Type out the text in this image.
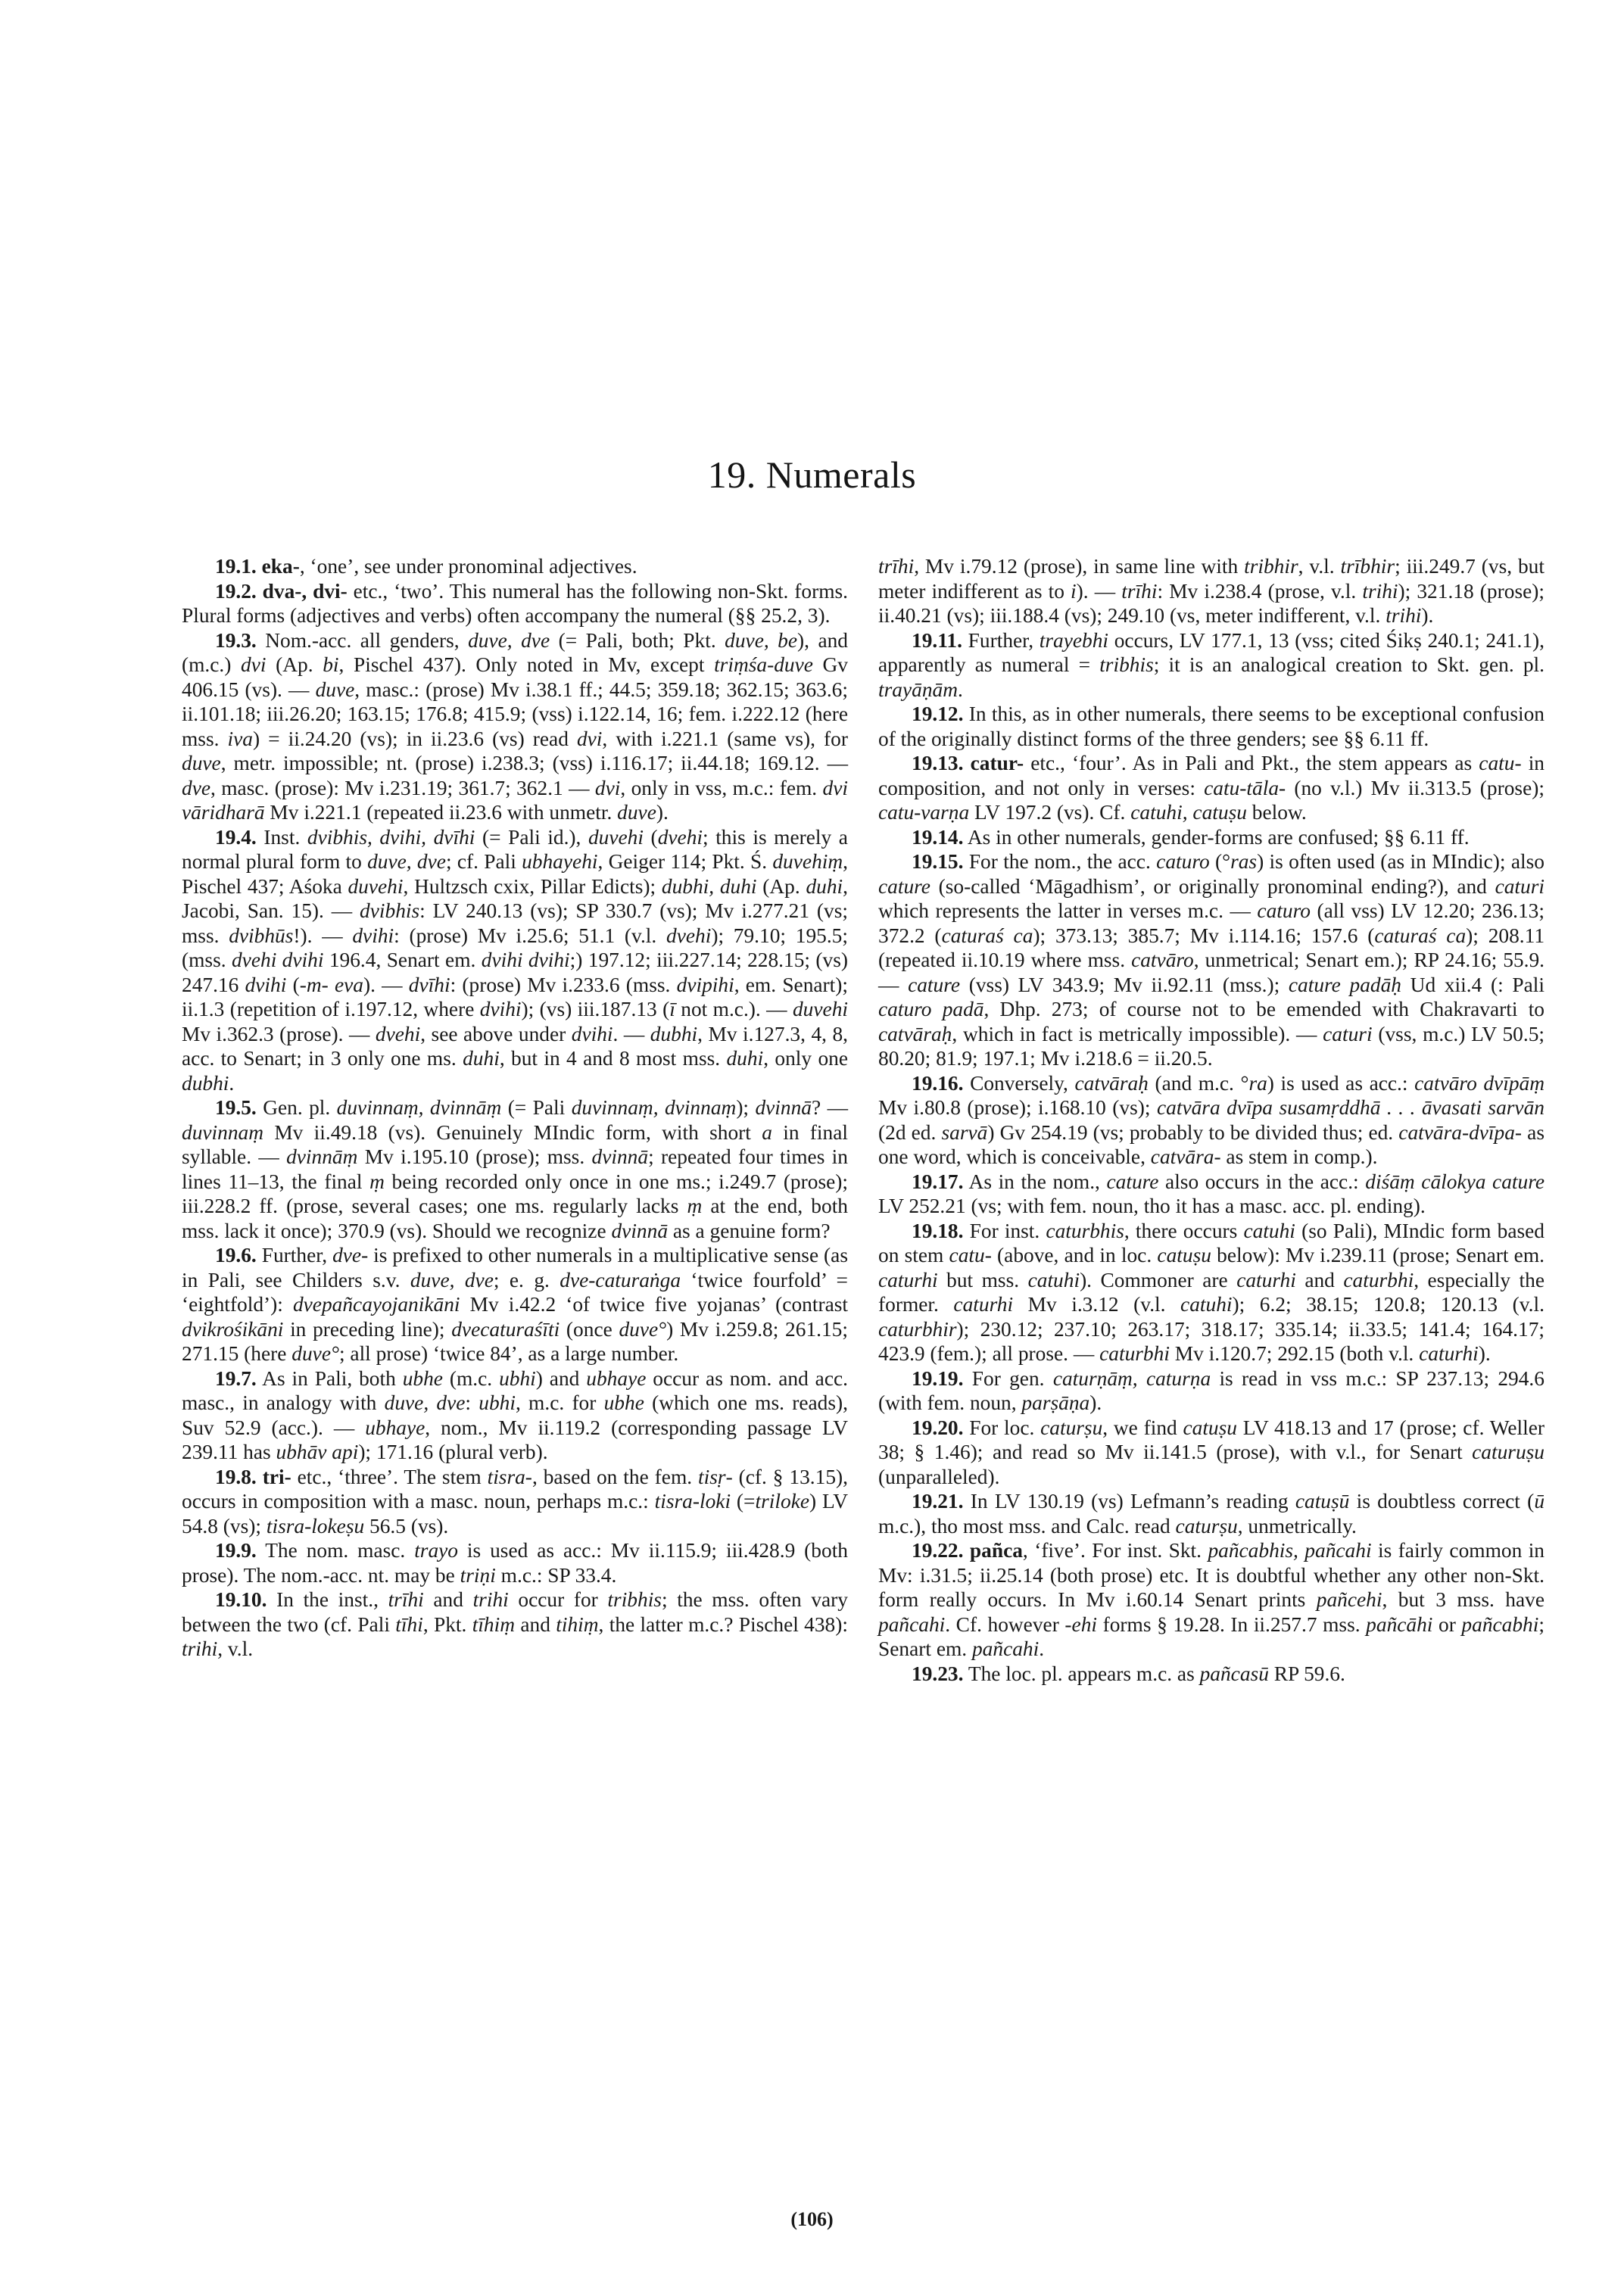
19. Numerals

19.1. eka-, ‘one’, see under pronominal adjectives.

19.2. dva-, dvi- etc., ‘two’. This numeral has the following non-Skt. forms. Plural forms (adjectives and verbs) often accompany the numeral (§§ 25.2, 3).

19.3. Nom.-acc. all genders, duve, dve (= Pali, both; Pkt. duve, be), and (m.c.) dvi (Ap. bi, Pischel 437). Only noted in Mv, except triṃśa-duve Gv 406.15 (vs). — duve, masc.: (prose) Mv i.38.1 ff.; 44.5; 359.18; 362.15; 363.6; ii.101.18; iii.26.20; 163.15; 176.8; 415.9; (vss) i.122.14, 16; fem. i.222.12 (here mss. iva) = ii.24.20 (vs); in ii.23.6 (vs) read dvi, with i.221.1 (same vs), for duve, metr. impossible; nt. (prose) i.238.3; (vss) i.116.17; ii.44.18; 169.12. — dve, masc. (prose): Mv i.231.19; 361.7; 362.1 — dvi, only in vss, m.c.: fem. dvi vāridharā Mv i.221.1 (repeated ii.23.6 with unmetr. duve).

19.4. Inst. dvibhis, dvihi, dvīhi (= Pali id.), duvehi (dvehi; this is merely a normal plural form to duve, dve; cf. Pali ubhayehi, Geiger 114; Pkt. Ś. duvehiṃ, Pischel 437; Aśoka duvehi, Hultzsch cxix, Pillar Edicts); dubhi, duhi (Ap. duhi, Jacobi, San. 15). — dvibhis: LV 240.13 (vs); SP 330.7 (vs); Mv i.277.21 (vs; mss. dvibhūs!). — dvihi: (prose) Mv i.25.6; 51.1 (v.l. dvehi); 79.10; 195.5; (mss. dvehi dvihi 196.4, Senart em. dvihi dvihi;) 197.12; iii.227.14; 228.15; (vs) 247.16 dvihi (-m- eva). — dvīhi: (prose) Mv i.233.6 (mss. dvipihi, em. Senart); ii.1.3 (repetition of i.197.12, where dvihi); (vs) iii.187.13 (ī not m.c.). — duvehi Mv i.362.3 (prose). — dvehi, see above under dvihi. — dubhi, Mv i.127.3, 4, 8, acc. to Senart; in 3 only one ms. duhi, but in 4 and 8 most mss. duhi, only one dubhi.

19.5. Gen. pl. duvinnaṃ, dvinnāṃ (= Pali duvinnaṃ, dvinnaṃ); dvinnā? — duvinnaṃ Mv ii.49.18 (vs). Genuinely MIndic form, with short a in final syllable. — dvinnāṃ Mv i.195.10 (prose); mss. dvinnā; repeated four times in lines 11–13, the final ṃ being recorded only once in one ms.; i.249.7 (prose); iii.228.2 ff. (prose, several cases; one ms. regularly lacks ṃ at the end, both mss. lack it once); 370.9 (vs). Should we recognize dvinnā as a genuine form?

19.6. Further, dve- is prefixed to other numerals in a multiplicative sense (as in Pali, see Childers s.v. duve, dve; e. g. dve-caturaṅga ‘twice fourfold’ = ‘eightfold’): dvepañcayojanikāni Mv i.42.2 ‘of twice five yojanas’ (contrast dvikrośikāni in preceding line); dvecaturaśīti (once duve°) Mv i.259.8; 261.15; 271.15 (here duve°; all prose) ‘twice 84’, as a large number.

19.7. As in Pali, both ubhe (m.c. ubhi) and ubhaye occur as nom. and acc. masc., in analogy with duve, dve: ubhi, m.c. for ubhe (which one ms. reads), Suv 52.9 (acc.). — ubhaye, nom., Mv ii.119.2 (corresponding passage LV 239.11 has ubhāv api); 171.16 (plural verb).

19.8. tri- etc., ‘three’. The stem tisra-, based on the fem. tisṛ- (cf. § 13.15), occurs in composition with a masc. noun, perhaps m.c.: tisra-loki (=triloke) LV 54.8 (vs); tisra-lokeṣu 56.5 (vs).

19.9. The nom. masc. trayo is used as acc.: Mv ii.115.9; iii.428.9 (both prose). The nom.-acc. nt. may be triṇi m.c.: SP 33.4.

19.10. In the inst., trīhi and trihi occur for tribhis; the mss. often vary between the two (cf. Pali tīhi, Pkt. tīhiṃ and tihiṃ, the latter m.c.? Pischel 438): trihi, v.l.

trīhi, Mv i.79.12 (prose), in same line with tribhir, v.l. trībhir; iii.249.7 (vs, but meter indifferent as to i). — trīhi: Mv i.238.4 (prose, v.l. trihi); 321.18 (prose); ii.40.21 (vs); iii.188.4 (vs); 249.10 (vs, meter indifferent, v.l. trihi).

19.11. Further, trayebhi occurs, LV 177.1, 13 (vss; cited Śikṣ 240.1; 241.1), apparently as numeral = tribhis; it is an analogical creation to Skt. gen. pl. trayāṇām.

19.12. In this, as in other numerals, there seems to be exceptional confusion of the originally distinct forms of the three genders; see §§ 6.11 ff.

19.13. catur- etc., ‘four’. As in Pali and Pkt., the stem appears as catu- in composition, and not only in verses: catu-tāla- (no v.l.) Mv ii.313.5 (prose); catu-varṇa LV 197.2 (vs). Cf. catuhi, catuṣu below.

19.14. As in other numerals, gender-forms are confused; §§ 6.11 ff.

19.15. For the nom., the acc. caturo (°ras) is often used (as in MIndic); also cature (so-called ‘Māgadhism’, or originally pronominal ending?), and caturi which represents the latter in verses m.c. — caturo (all vss) LV 12.20; 236.13; 372.2 (caturaś ca); 373.13; 385.7; Mv i.114.16; 157.6 (caturaś ca); 208.11 (repeated ii.10.19 where mss. catvāro, unmetrical; Senart em.); RP 24.16; 55.9. — cature (vss) LV 343.9; Mv ii.92.11 (mss.); cature padāḥ Ud xii.4 (: Pali caturo padā, Dhp. 273; of course not to be emended with Chakravarti to catvāraḥ, which in fact is metrically impossible). — caturi (vss, m.c.) LV 50.5; 80.20; 81.9; 197.1; Mv i.218.6 = ii.20.5.

19.16. Conversely, catvāraḥ (and m.c. °ra) is used as acc.: catvāro dvīpāṃ Mv i.80.8 (prose); i.168.10 (vs); catvāra dvīpa susamṛddhā . . . āvasati sarvān (2d ed. sarvā) Gv 254.19 (vs; probably to be divided thus; ed. catvāra-dvīpa- as one word, which is conceivable, catvāra- as stem in comp.).

19.17. As in the nom., cature also occurs in the acc.: diśāṃ cālokya cature LV 252.21 (vs; with fem. noun, tho it has a masc. acc. pl. ending).

19.18. For inst. caturbhis, there occurs catuhi (so Pali), MIndic form based on stem catu- (above, and in loc. catuṣu below): Mv i.239.11 (prose; Senart em. caturhi but mss. catuhi). Commoner are caturhi and caturbhi, especially the former. caturhi Mv i.3.12 (v.l. catuhi); 6.2; 38.15; 120.8; 120.13 (v.l. caturbhir); 230.12; 237.10; 263.17; 318.17; 335.14; ii.33.5; 141.4; 164.17; 423.9 (fem.); all prose. — caturbhi Mv i.120.7; 292.15 (both v.l. caturhi).

19.19. For gen. caturṇāṃ, caturṇa is read in vss m.c.: SP 237.13; 294.6 (with fem. noun, parṣāṇa).

19.20. For loc. caturṣu, we find catuṣu LV 418.13 and 17 (prose; cf. Weller 38; § 1.46); and read so Mv ii.141.5 (prose), with v.l., for Senart caturuṣu (unparalleled).

19.21. In LV 130.19 (vs) Lefmann’s reading catuṣū is doubtless correct (ū m.c.), tho most mss. and Calc. read caturṣu, unmetrically.

19.22. pañca, ‘five’. For inst. Skt. pañcabhis, pañcahi is fairly common in Mv: i.31.5; ii.25.14 (both prose) etc. It is doubtful whether any other non-Skt. form really occurs. In Mv i.60.14 Senart prints pañcehi, but 3 mss. have pañcahi. Cf. however -ehi forms § 19.28. In ii.257.7 mss. pañcāhi or pañcabhi; Senart em. pañcahi.

19.23. The loc. pl. appears m.c. as pañcasū RP 59.6.

(106)
